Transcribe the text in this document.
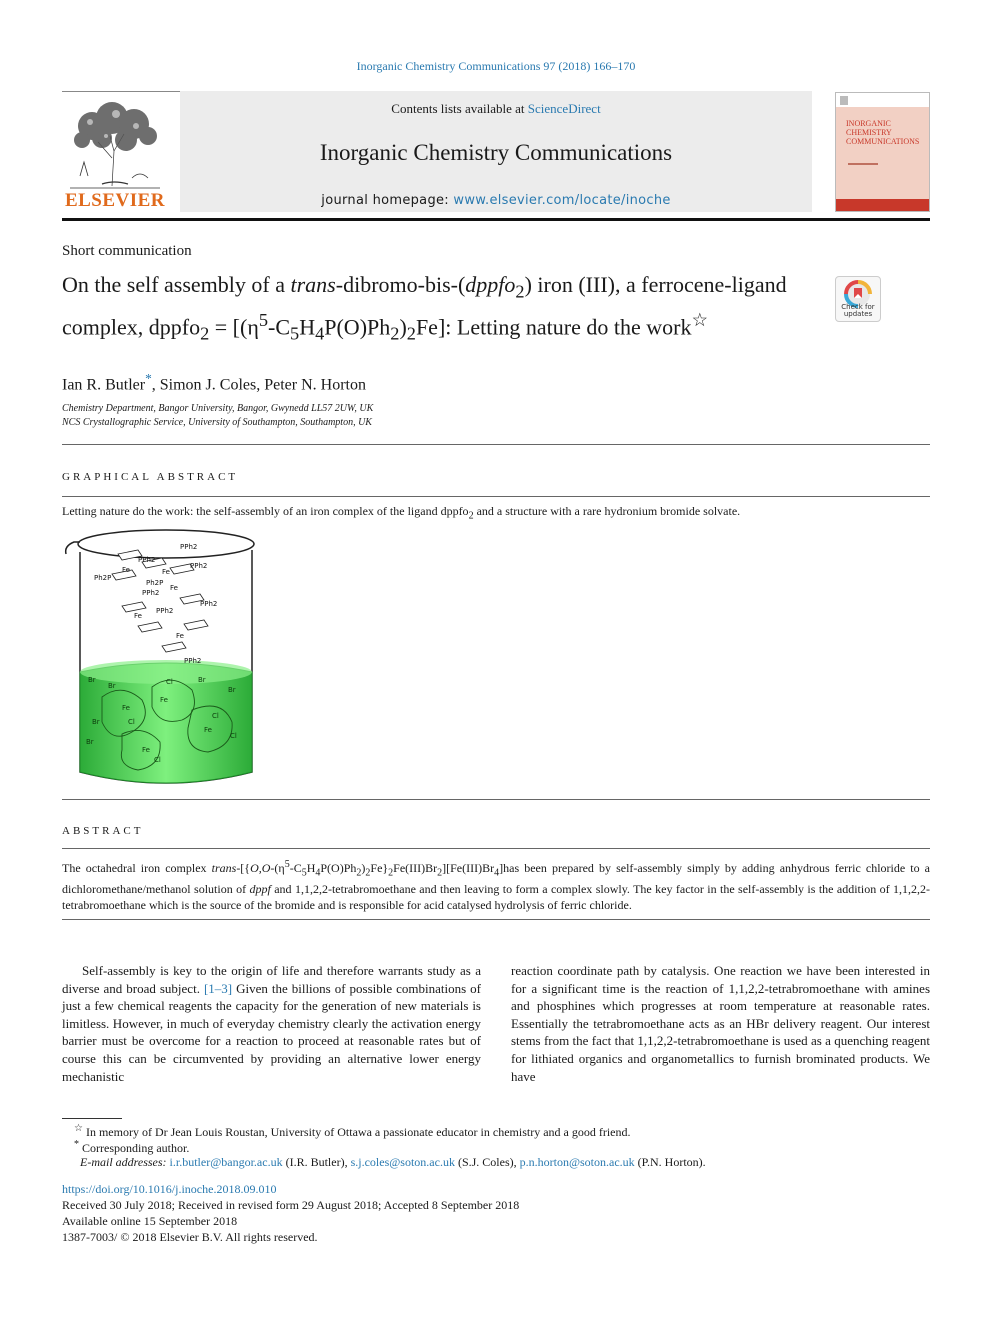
Inorganic Chemistry Communications 97 (2018) 166–170
Contents lists available at ScienceDirect
Inorganic Chemistry Communications
journal homepage: www.elsevier.com/locate/inoche
ELSEVIER
INORGANIC CHEMISTRY COMMUNICATIONS
Short communication
On the self assembly of a trans-dibromo-bis-(dppfo$_2$) iron (III), a ferrocene-ligand complex, dppfo$_2$ = $[(\eta^5-C_5H_4P(O)Ph_2)_2Fe]$: Letting nature do the work☆
Check for updates
Ian R. Butler*, Simon J. Coles, Peter N. Horton
Chemistry Department, Bangor University, Bangor, Gwynedd LL57 2UW, UK
NCS Crystallographic Service, University of Southampton, Southampton, UK
GRAPHICAL ABSTRACT
Letting nature do the work: the self-assembly of an iron complex of the ligand dppfo$_2$ and a structure with a rare hydronium bromide solvate.
PPh2
PPh2
Fe
Fe	PPh2
Ph2P
Ph2P
Fe
PPh2
PPh2
PPh2
Fe
Fe
PPh2
Br
Br
Br
Br
Br
Br
Cl
Fe
Fe
Fe
Fe
Cl
Cl
Cl
Cl
ABSTRACT
The octahedral iron complex trans-$[\{O,O-(\eta^5-C_5H_4P(O)Ph_2)_2Fe\}_2Fe(III)Br_2][Fe(III)Br_4]has$ been prepared by self-assembly simply by adding anhydrous ferric chloride to a dichloromethane/methanol solution of dppf and 1,1,2,2-tetrabromoethane and then leaving to form a complex slowly. The key factor in the self-assembly is the addition of 1,1,2,2-tetrabromoethane which is the source of the bromide and is responsible for acid catalysed hydrolysis of ferric chloride.
Self-assembly is key to the origin of life and therefore warrants study as a diverse and broad subject. [1–3] Given the billions of possible combinations of just a few chemical reagents the capacity for the generation of new materials is limitless. However, in much of everyday chemistry clearly the activation energy barrier must be overcome for a reaction to proceed at reasonable rates but of course this can be circumvented by providing an alternative lower energy mechanistic
reaction coordinate path by catalysis. One reaction we have been interested in for a significant time is the reaction of 1,1,2,2-tetrabromoethane with amines and phosphines which progresses at room temperature at reasonable rates. Essentially the tetrabromoethane acts as an HBr delivery reagent. Our interest stems from the fact that 1,1,2,2-tetrabromoethane is used as a quenching reagent for lithiated organics and organometallics to furnish brominated products. We have
☆ In memory of Dr Jean Louis Roustan, University of Ottawa a passionate educator in chemistry and a good friend.
* Corresponding author.
E-mail addresses: i.r.butler@bangor.ac.uk (I.R. Butler), s.j.coles@soton.ac.uk (S.J. Coles), p.n.horton@soton.ac.uk (P.N. Horton).
https://doi.org/10.1016/j.inoche.2018.09.010
Received 30 July 2018; Received in revised form 29 August 2018; Accepted 8 September 2018
Available online 15 September 2018
1387-7003/ © 2018 Elsevier B.V. All rights reserved.
